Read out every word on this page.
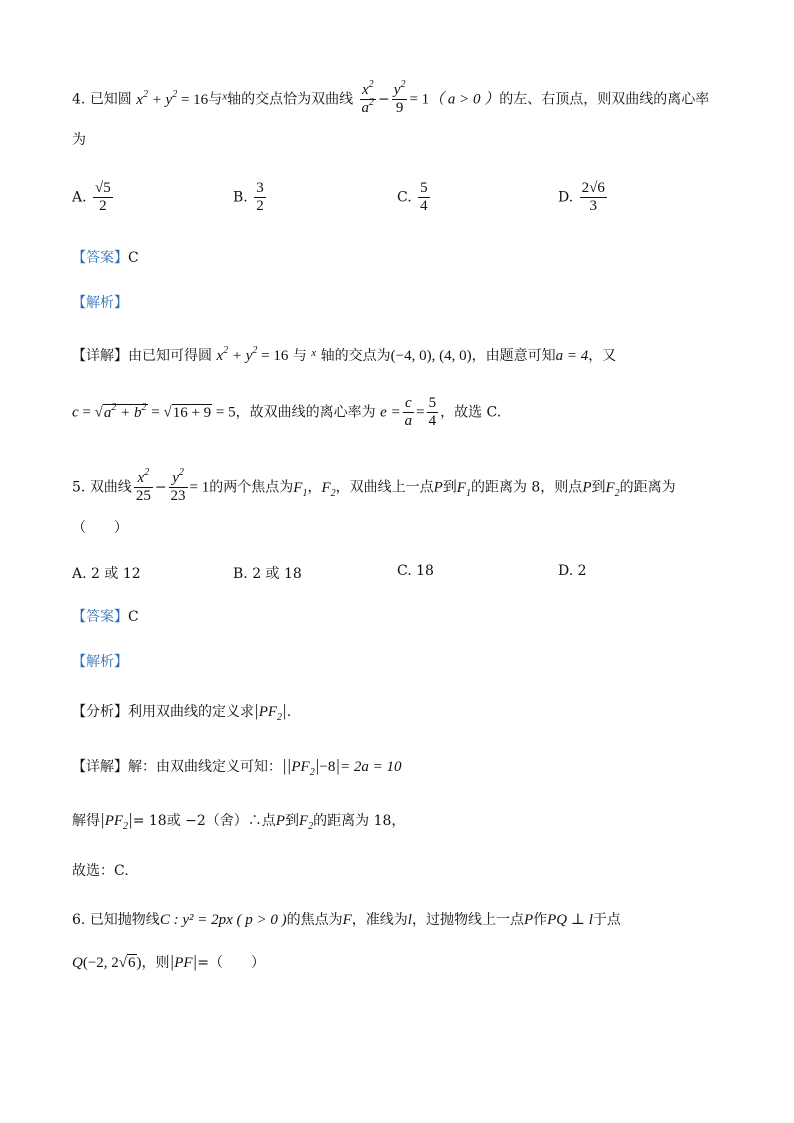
4. 已知圆 $x^2 + y^2 = 16$与$^x$轴的交点恰为双曲线 $\frac{x^2}{a^2} - \frac{y^2}{9} = 1$（ a > 0 ）的左、右顶点，则双曲线的离心率
为
A. $\frac{√5}{2}$	B. $\frac{3}{2}$	C. $\frac{5}{4}$	D. $\frac{2√6}{3}$
【答案】C
【解析】
【详解】由已知可得圆 $x^2 + y^2 = 16$ 与 $^x$ 轴的交点为(−4, 0), (4, 0)，由题意可知a = 4，又
$c = √a^2 + b^2 = √16 + 9 = 5$，故双曲线的离心率为 $e = \frac{c}{a} = \frac{5}{4}$ ，故选 C.
5. 双曲线 $\frac{x^2}{25} - \frac{y^2}{23} = 1$的两个焦点为$F_1$，$F_2$，双曲线上一点P到$F_1$的距离为 8，则点P到$F_2$的距离为
（　　）
A. 2 或 12	B. 2 或 18	C. 18	D. 2
【答案】C
【解析】
【分析】利用双曲线的定义求$|PF_2|$.
【详解】解：由双曲线定义可知：$||PF_2|-8|= 2a = 10$
解得$|PF_2|= 18$或 −2（舍）∴点P到$F_2$的距离为 18，
故选：C.
6. 已知抛物线C : y² = 2px ( p > 0 )的焦点为F，准线为l，过抛物线上一点P作PQ ⊥ l于点
Q(−2, 2√6)，则|PF|=（　　）
